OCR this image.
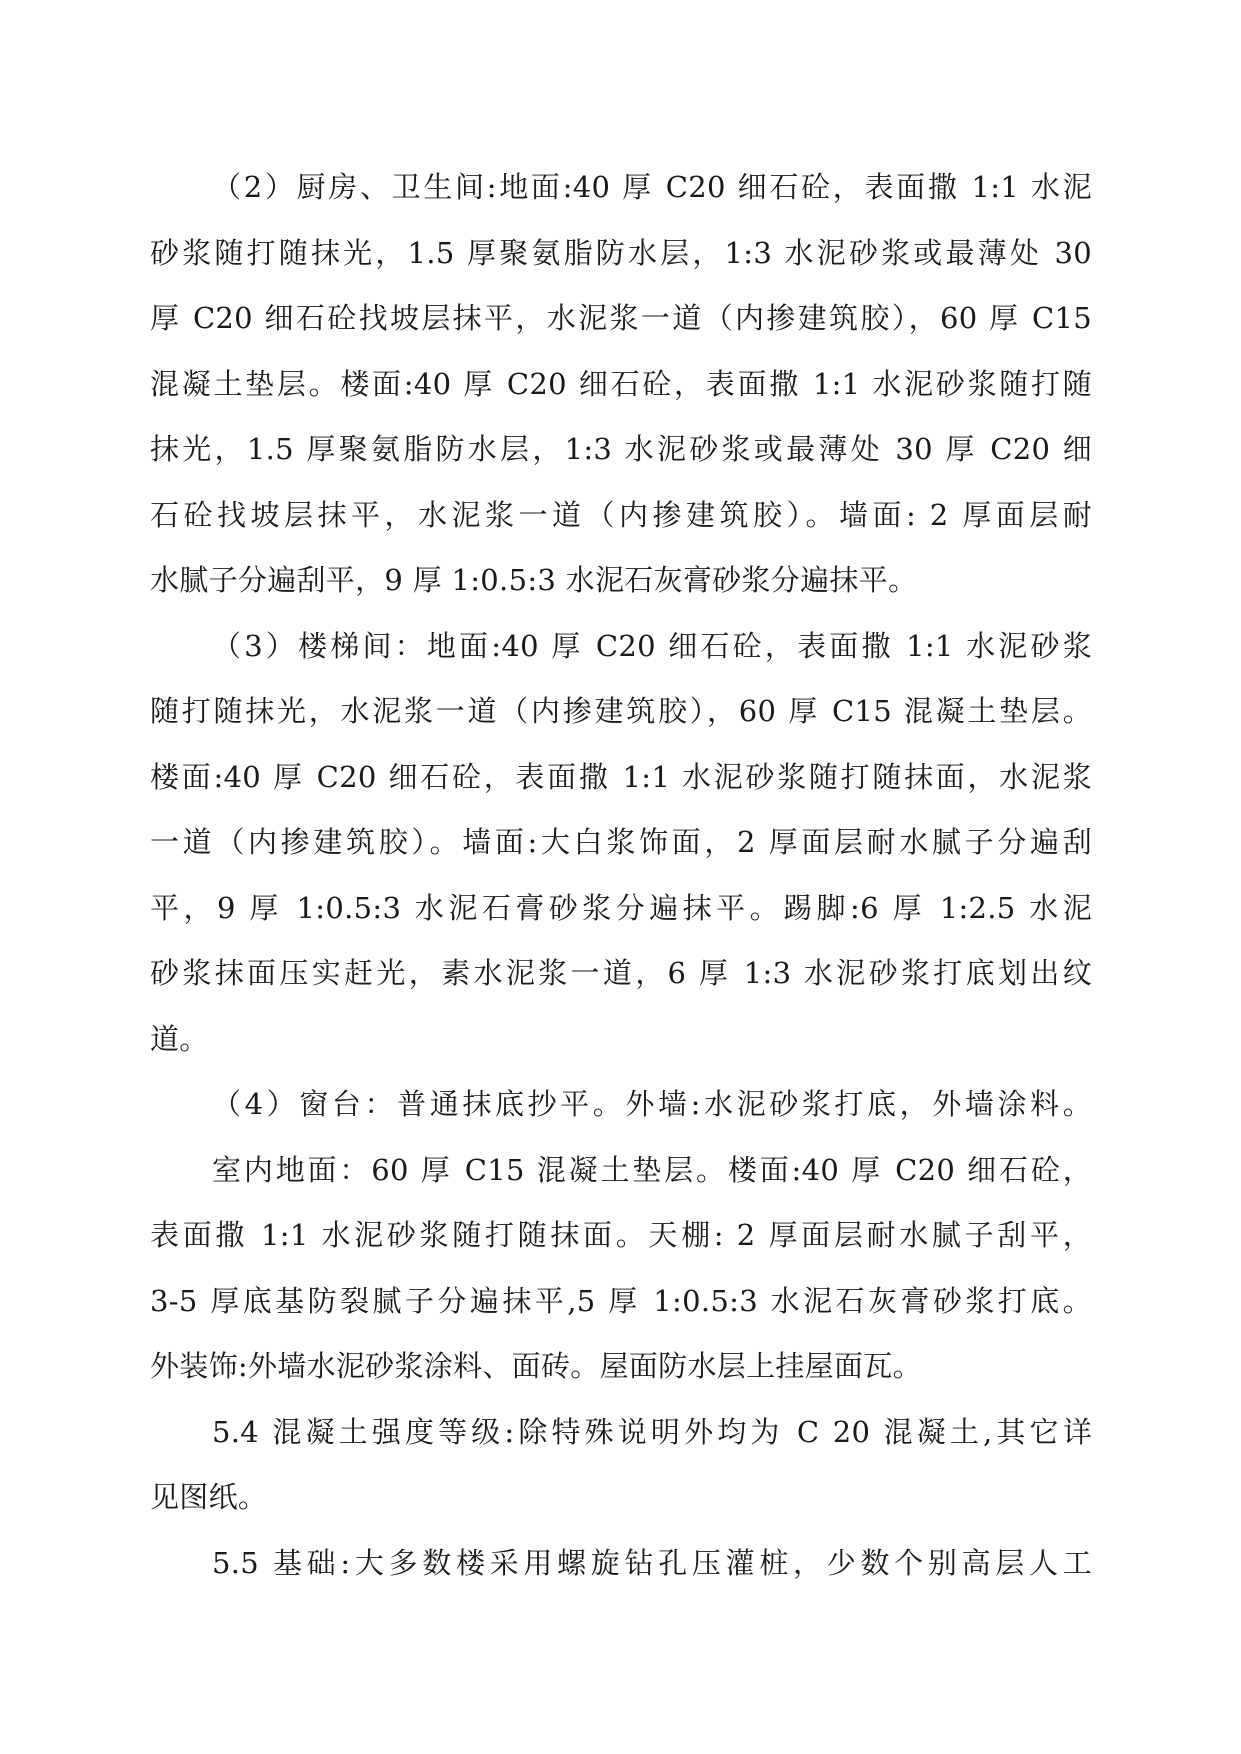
（2）厨房、卫生间:地面:40 厚 C20 细石砼，表面撒 1:1 水泥
砂浆随打随抹光，1.5 厚聚氨脂防水层，1:3 水泥砂浆或最薄处 30
厚 C20 细石砼找坡层抹平，水泥浆一道（内掺建筑胶），60 厚 C15
混凝土垫层。楼面:40 厚 C20 细石砼，表面撒 1:1 水泥砂浆随打随
抹光，1.5 厚聚氨脂防水层，1:3 水泥砂浆或最薄处 30 厚 C20 细
石砼找坡层抹平，水泥浆一道（内掺建筑胶）。墙面: 2 厚面层耐
水腻子分遍刮平，9 厚 1:0.5:3 水泥石灰膏砂浆分遍抹平。
（3）楼梯间：地面:40 厚 C20 细石砼，表面撒 1:1 水泥砂浆
随打随抹光，水泥浆一道（内掺建筑胶），60 厚 C15 混凝土垫层。
楼面:40 厚 C20 细石砼，表面撒 1:1 水泥砂浆随打随抹面，水泥浆
一道（内掺建筑胶）。墙面:大白浆饰面，2 厚面层耐水腻子分遍刮
平，9 厚 1:0.5:3 水泥石膏砂浆分遍抹平。踢脚:6 厚 1:2.5 水泥
砂浆抹面压实赶光，素水泥浆一道，6 厚 1:3 水泥砂浆打底划出纹
道。
（4）窗台：普通抹底抄平。外墙:水泥砂浆打底，外墙涂料。
室内地面：60 厚 C15 混凝土垫层。楼面:40 厚 C20 细石砼，
表面撒 1:1 水泥砂浆随打随抹面。天棚: 2 厚面层耐水腻子刮平，
3-5 厚底基防裂腻子分遍抹平,5 厚 1:0.5:3 水泥石灰膏砂浆打底。
外装饰:外墙水泥砂浆涂料、面砖。屋面防水层上挂屋面瓦。
5.4 混凝土强度等级:除特殊说明外均为 C 20 混凝土,其它详
见图纸。
5.5 基础:大多数楼采用螺旋钻孔压灌桩，少数个别高层人工
